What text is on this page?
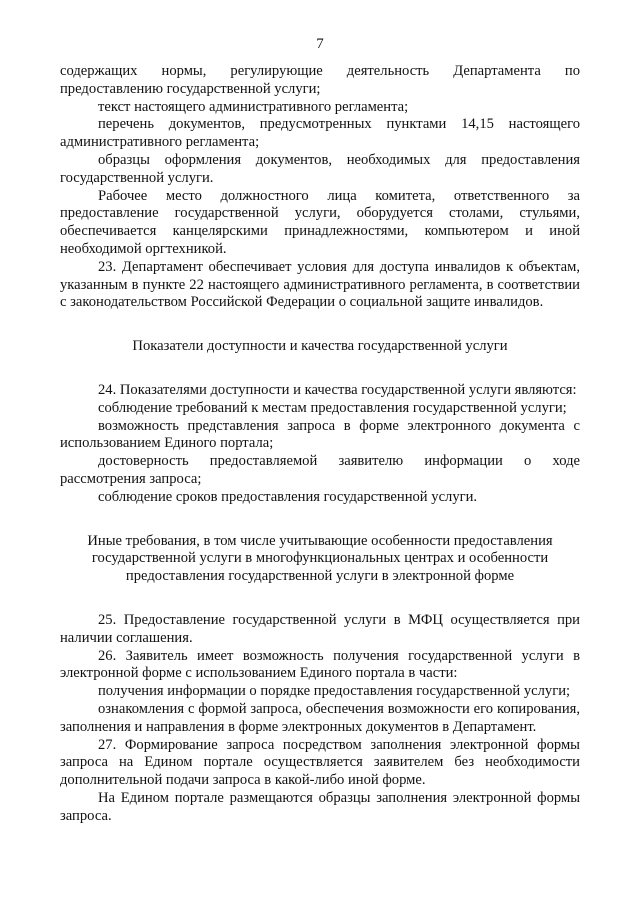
7

содержащих нормы, регулирующие деятельность Департамента по предоставлению государственной услуги;

текст настоящего административного регламента;

перечень документов, предусмотренных пунктами 14,15 настоящего административного регламента;

образцы оформления документов, необходимых для предоставления государственной услуги.

Рабочее место должностного лица комитета, ответственного за предоставление государственной услуги, оборудуется столами, стульями, обеспечивается канцелярскими принадлежностями, компьютером и иной необходимой оргтехникой.

23. Департамент обеспечивает условия для доступа инвалидов к объектам, указанным в пункте 22 настоящего административного регламента, в соответствии с законодательством Российской Федерации о социальной защите инвалидов.

Показатели доступности и качества государственной услуги

24. Показателями доступности и качества государственной услуги являются:

соблюдение требований к местам предоставления государственной услуги;

возможность представления запроса в форме электронного документа с использованием Единого портала;

достоверность предоставляемой заявителю информации о ходе рассмотрения запроса;

соблюдение сроков предоставления государственной услуги.

Иные требования, в том числе учитывающие особенности предоставления государственной услуги в многофункциональных центрах и особенности предоставления государственной услуги в электронной форме

25. Предоставление государственной услуги в МФЦ осуществляется при наличии соглашения.

26. Заявитель имеет возможность получения государственной услуги в электронной форме с использованием Единого портала в части:

получения информации о порядке предоставления государственной услуги;

ознакомления с формой запроса, обеспечения возможности его копирования, заполнения и направления в форме электронных документов в Департамент.

27. Формирование запроса посредством заполнения электронной формы запроса на Едином портале осуществляется заявителем без необходимости дополнительной подачи запроса в какой-либо иной форме.

На Едином портале размещаются образцы заполнения электронной формы запроса.
